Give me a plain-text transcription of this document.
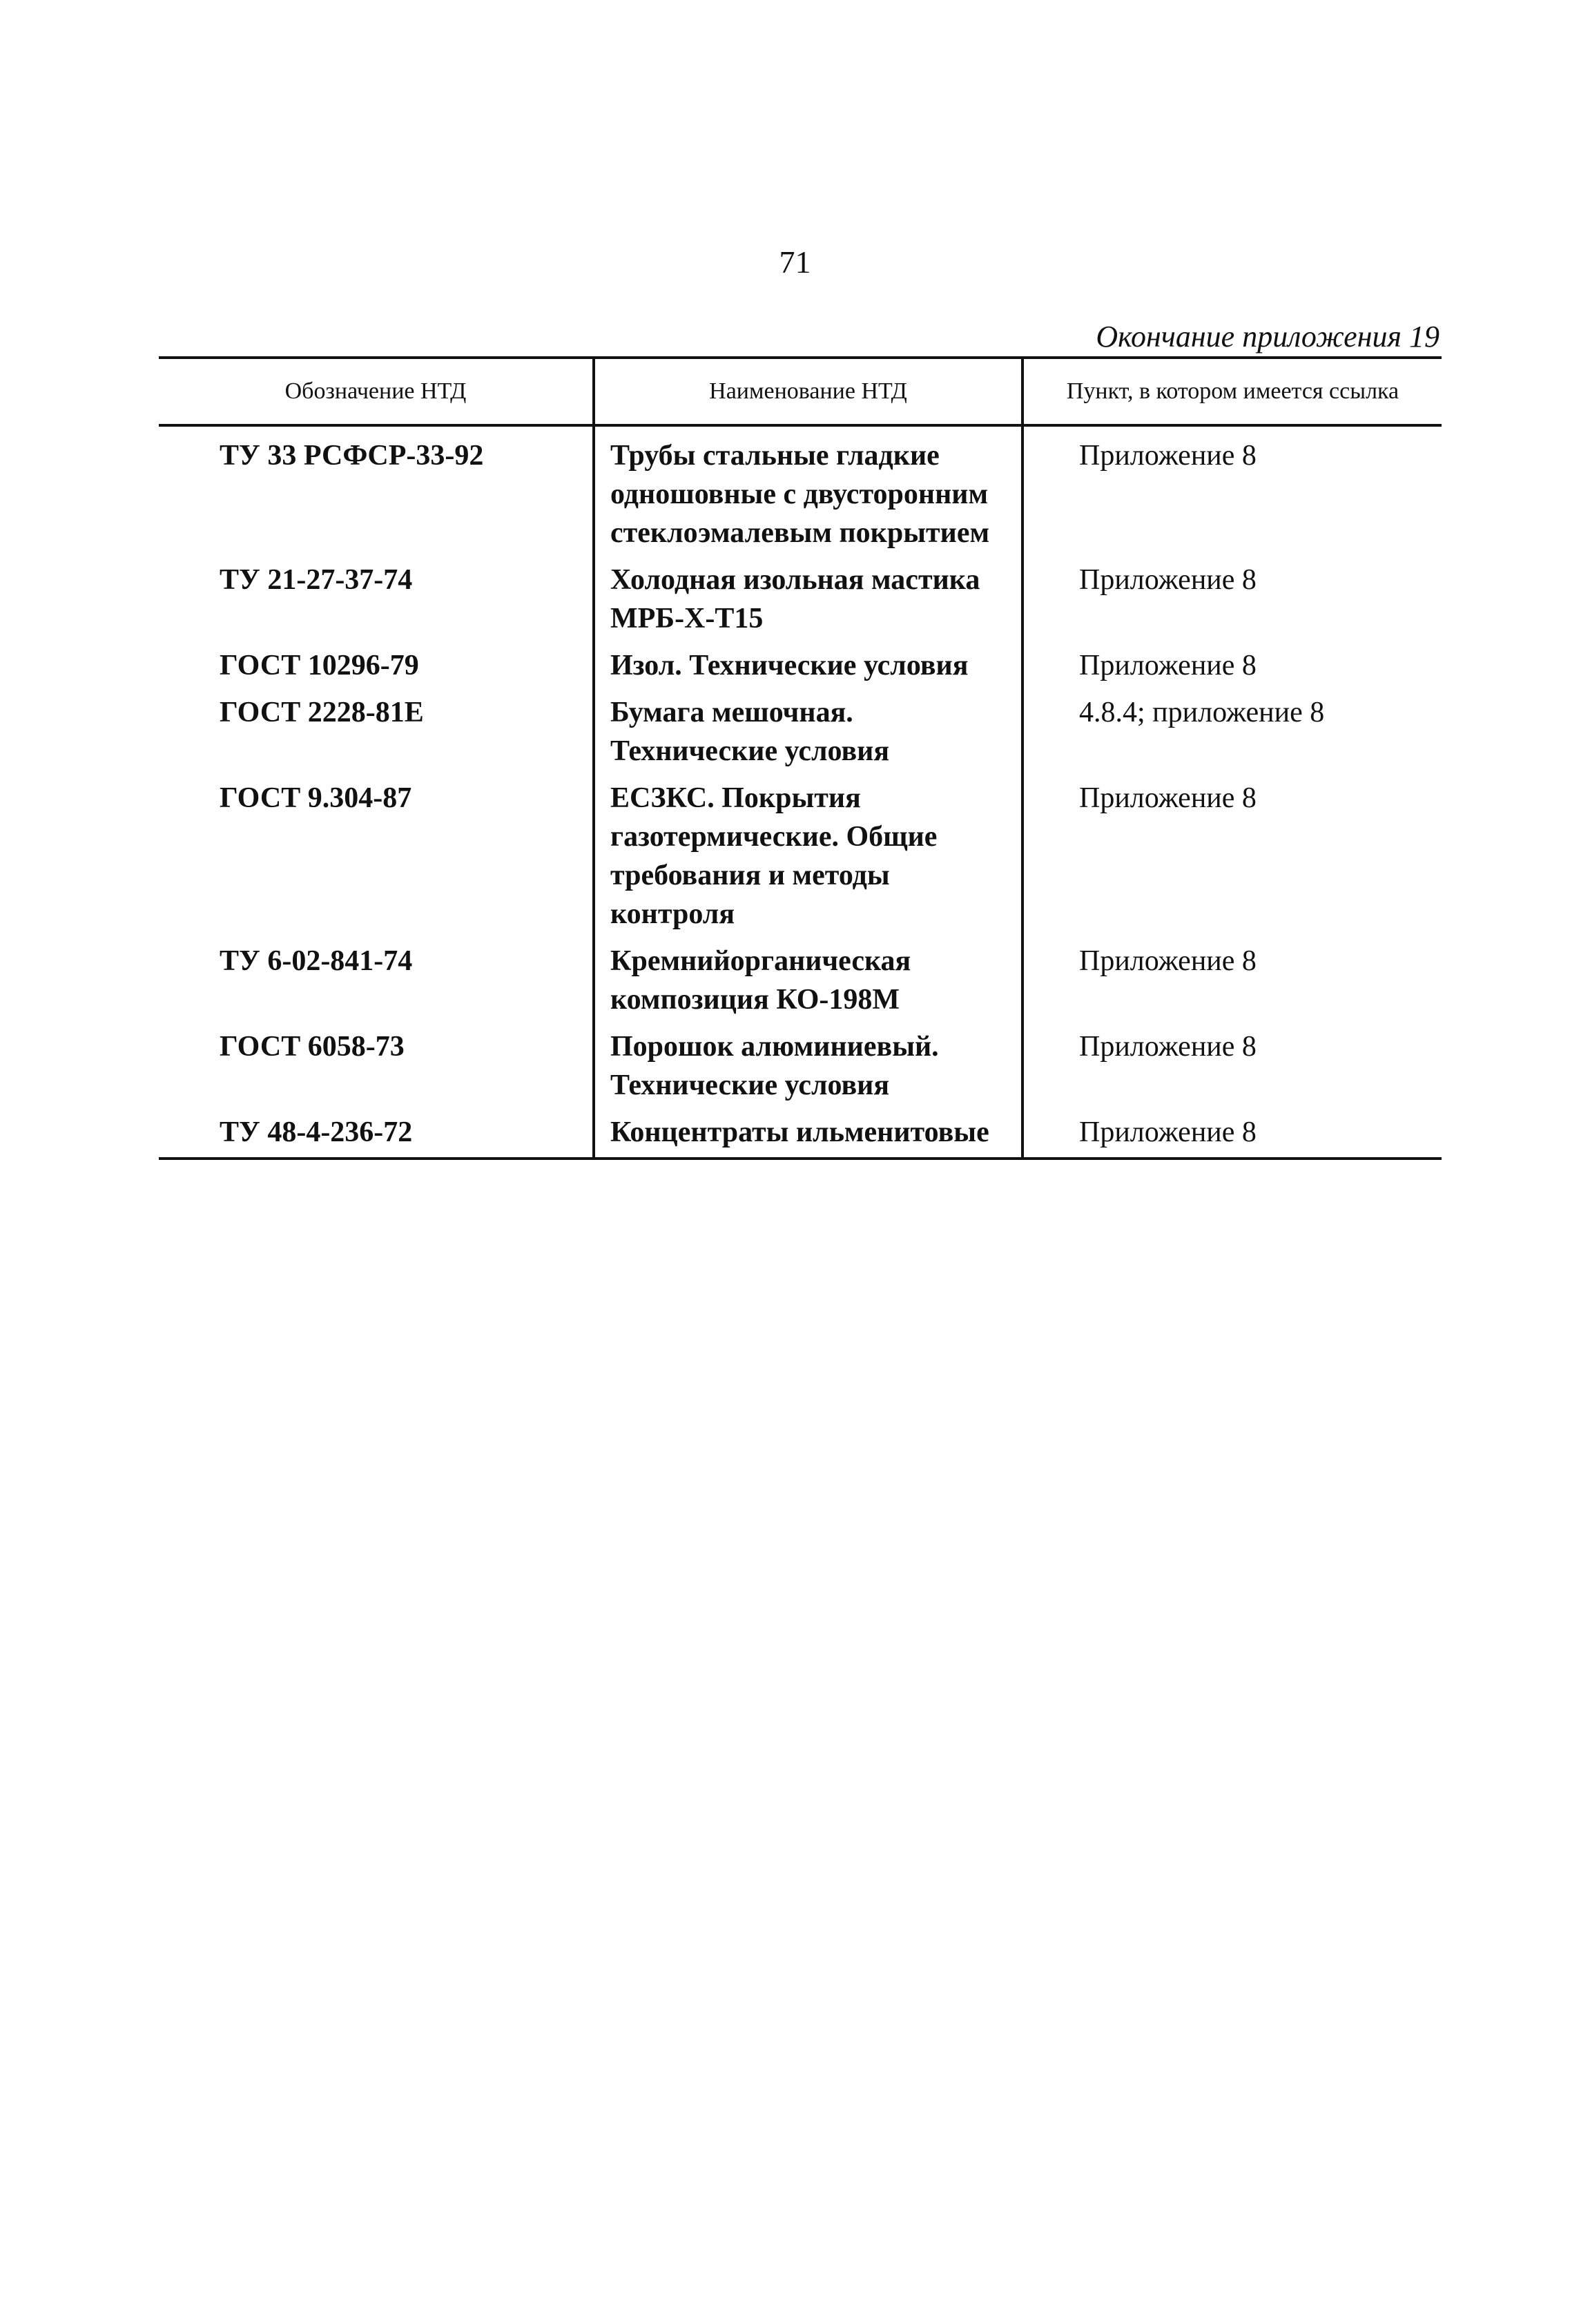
71
Окончание приложения 19
Обозначение НТД	Наименование НТД	Пункт, в котором имеется ссылка
ТУ 33 РСФСР-33-92	Трубы стальные гладкие одношовные с двусторонним стеклоэмалевым покрытием	Приложение 8
ТУ 21-27-37-74	Холодная изольная мастика МРБ-Х-Т15	Приложение 8
ГОСТ 10296-79	Изол. Технические условия	Приложение 8
ГОСТ 2228-81Е	Бумага мешочная. Технические условия	4.8.4; приложение 8
ГОСТ 9.304-87	ЕСЗКС. Покрытия газотермические. Общие требования и методы контроля	Приложение 8
ТУ 6-02-841-74	Кремнийорганическая композиция КО-198М	Приложение 8
ГОСТ 6058-73	Порошок алюминиевый. Технические условия	Приложение 8
ТУ 48-4-236-72	Концентраты ильменитовые	Приложение 8
